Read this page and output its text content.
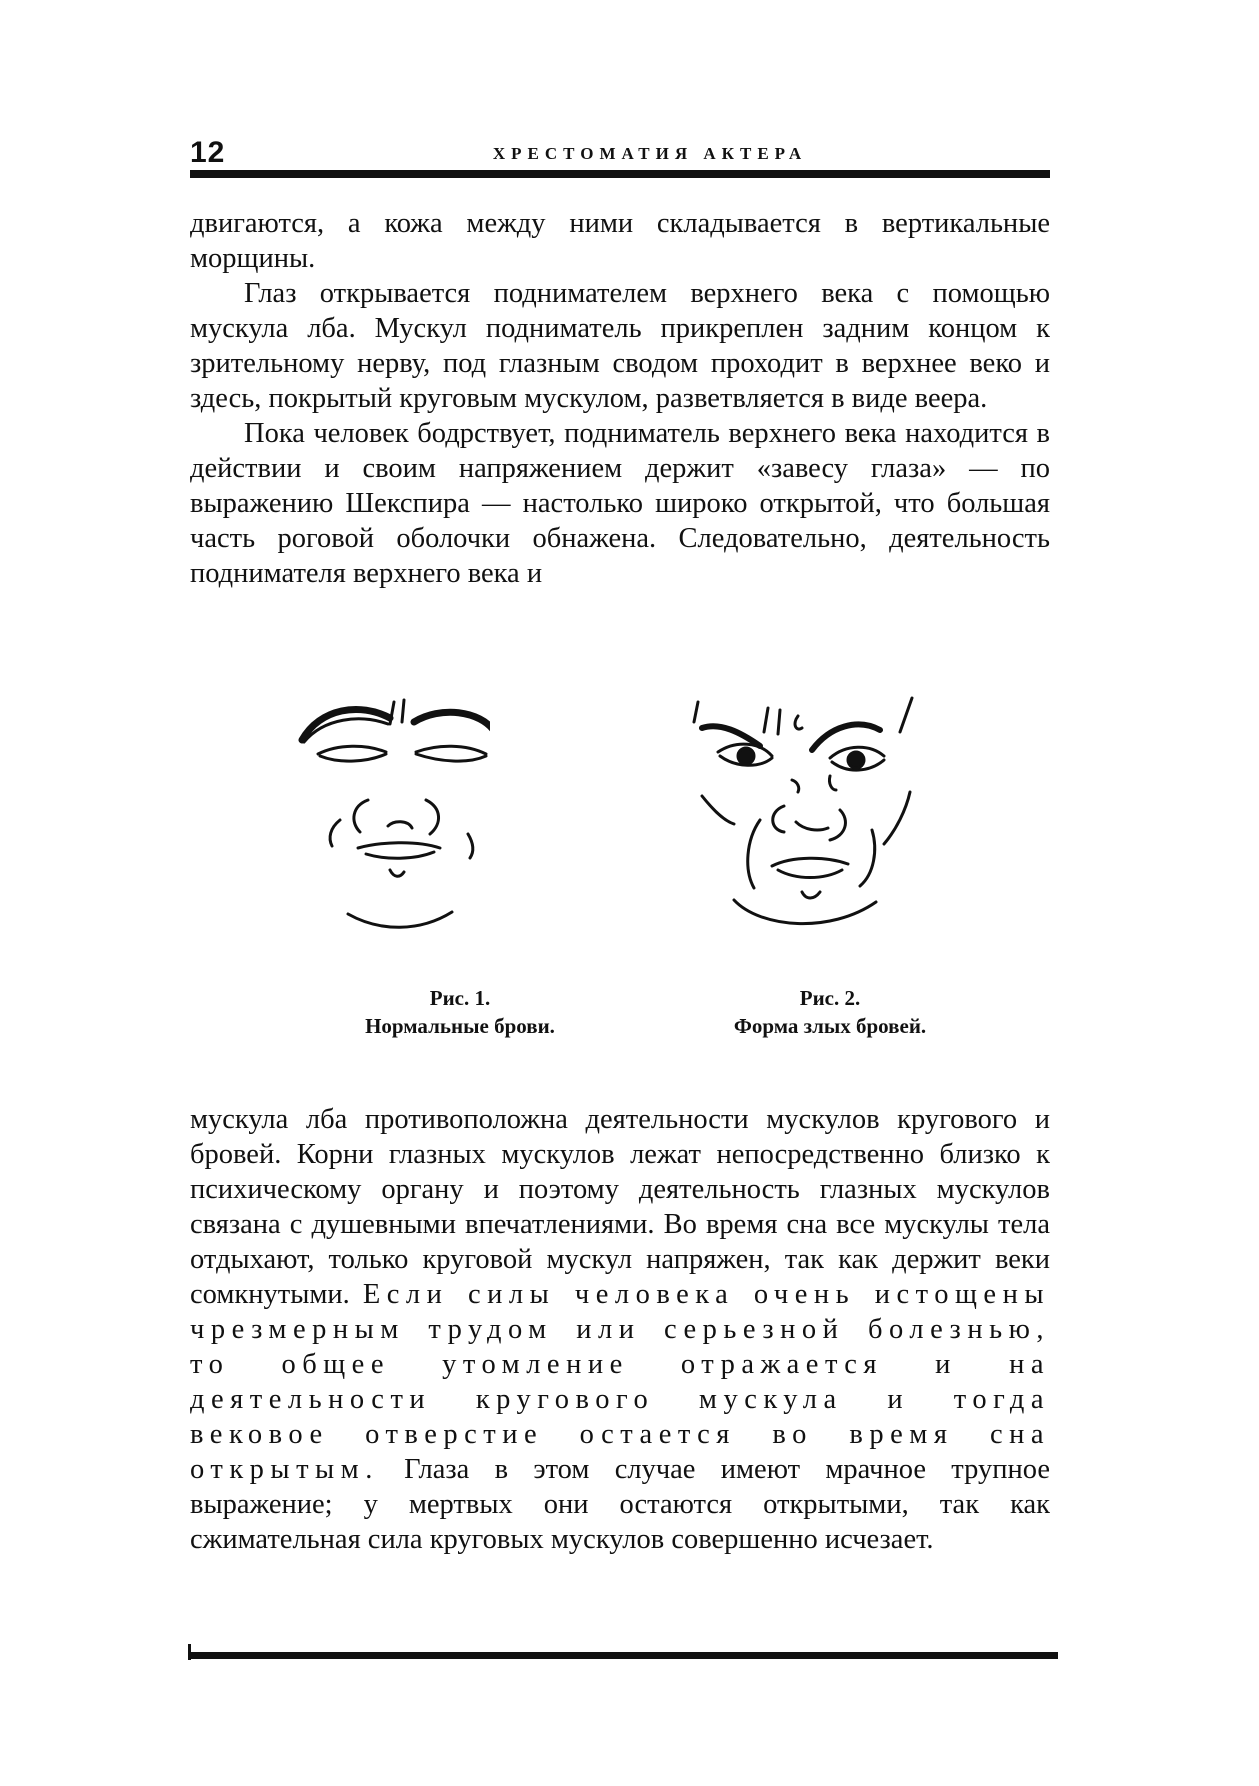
12	ХРЕСТОМАТИЯ АКТЕРА

двигаются, а кожа между ними складывается в вертикальные морщины.

Глаз открывается поднимателем верхнего века с помощью мускула лба. Мускул подниматель прикреплен задним концом к зрительному нерву, под глазным сводом проходит в верхнее веко и здесь, покрытый круговым мускулом, разветвляется в виде веера.

Пока человек бодрствует, подниматель верхнего века находится в действии и своим напряжением держит «завесу глаза» — по выражению Шекспира — настолько широко открытой, что большая часть роговой оболочки обнажена. Следовательно, деятельность поднимателя верхнего века и

Рис. 1.
Нормальные брови.
Рис. 2.
Форма злых бровей.

мускула лба противоположна деятельности мускулов кругового и бровей. Корни глазных мускулов лежат непосредственно близко к психическому органу и поэтому деятельность глазных мускулов связана с душевными впечатлениями. Во время сна все мускулы тела отдыхают, только круговой мускул напряжен, так как держит веки сомкнутыми. Если силы человека очень истощены чрезмерным трудом или серьезной болезнью, то общее утомление отражается и на деятельности кругового мускула и тогда вековое отверстие остается во время сна открытым. Глаза в этом случае имеют мрачное трупное выражение; у мертвых они остаются открытыми, так как сжимательная сила круговых мускулов совершенно исчезает.
